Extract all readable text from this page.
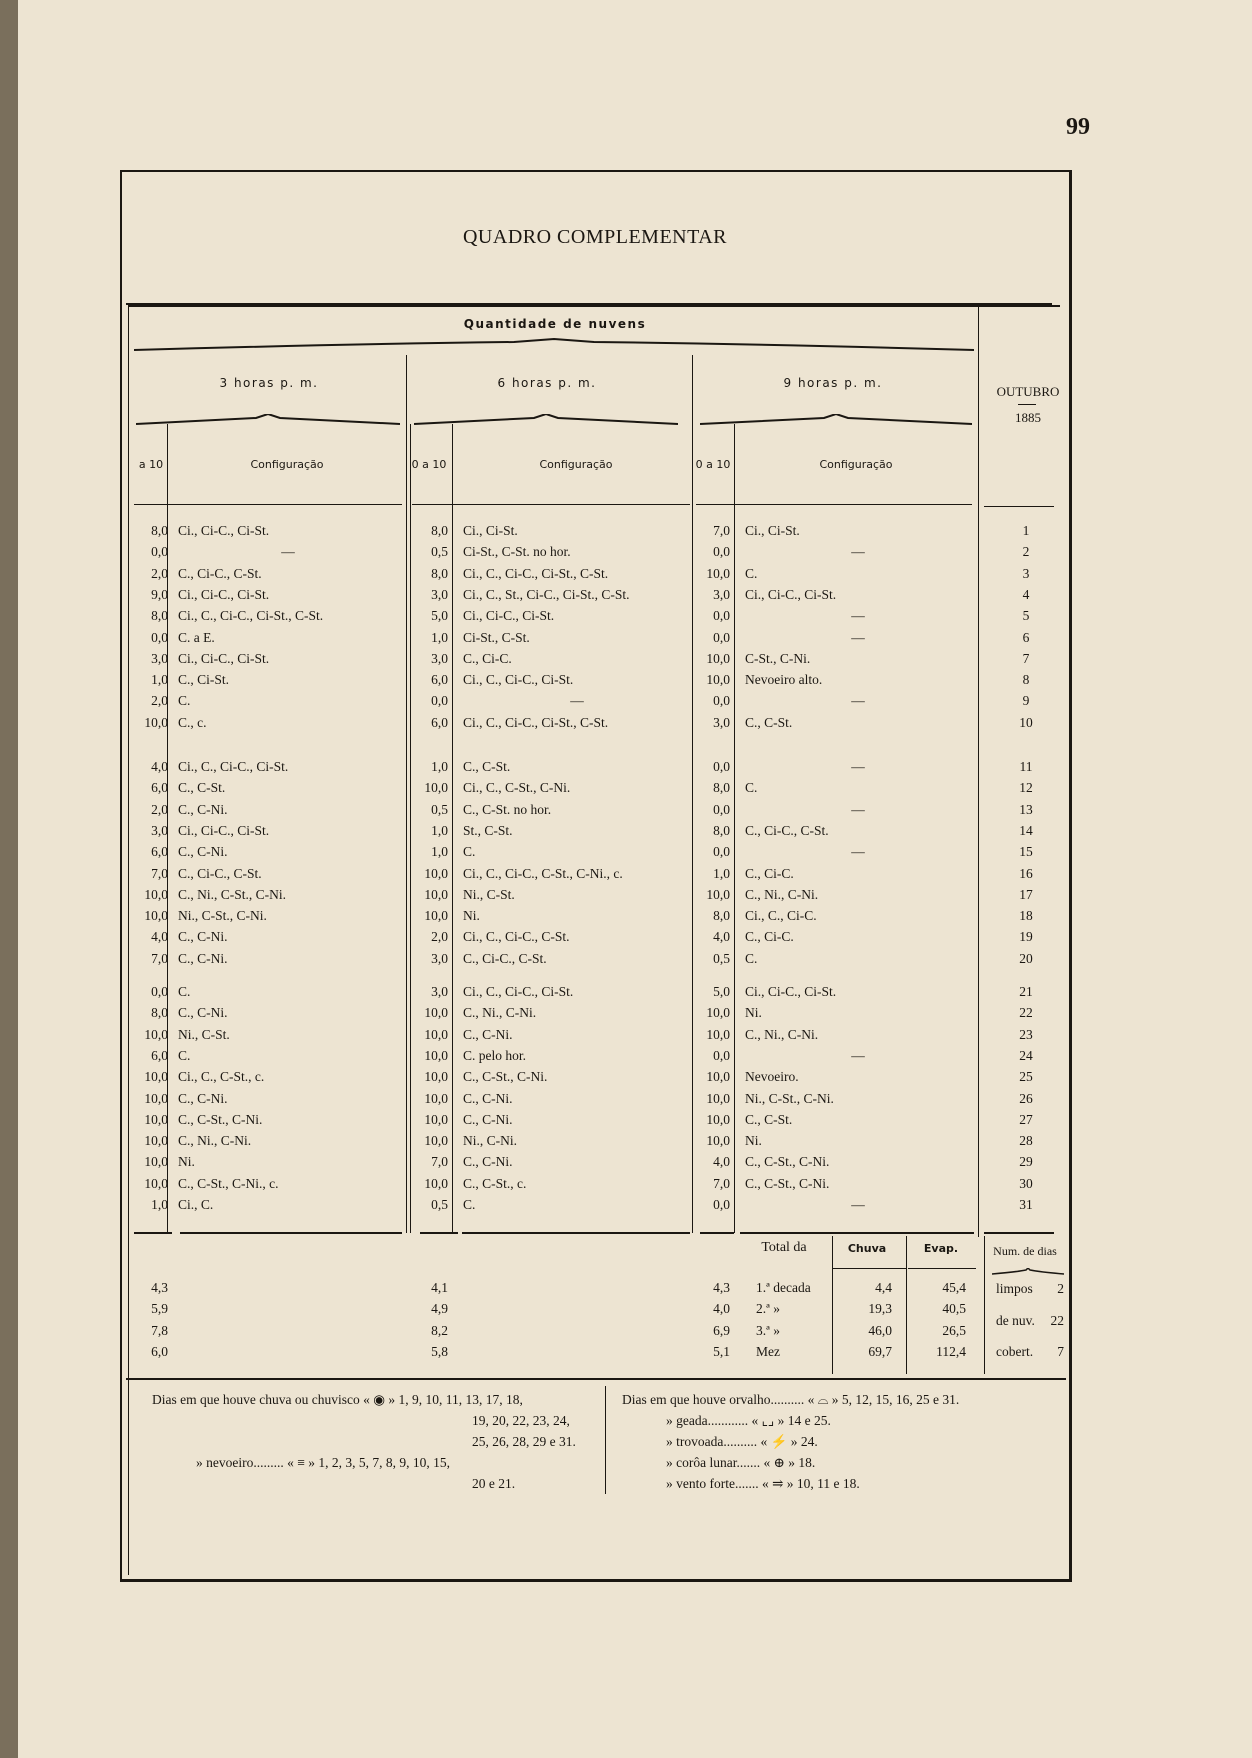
99
QUADRO COMPLEMENTAR
Quantidade de nuvens
3 horas p. m.	6 horas p. m.	9 horas p. m.
OUTUBRO
1885
a 10	Configuração	0 a 10	Configuração	0 a 10	Configuração
8,0 Ci., Ci-C., Ci-St.	8,0 Ci., Ci-St.	7,0 Ci., Ci-St.	1
0,0	—	0,5 Ci-St., C-St. no hor.	0,0	—	2
2,0 C., Ci-C., C-St.	8,0 Ci., C., Ci-C., Ci-St., C-St.	10,0 C.	3
9,0 Ci., Ci-C., Ci-St.	3,0 Ci., C., St., Ci-C., Ci-St., C-St.	3,0 Ci., Ci-C., Ci-St.	4
8,0 Ci., C., Ci-C., Ci-St., C-St.	5,0 Ci., Ci-C., Ci-St.	0,0	—	5
0,0 C. a E.	1,0 Ci-St., C-St.	0,0	—	6
3,0 Ci., Ci-C., Ci-St.	3,0 C., Ci-C.	10,0 C-St., C-Ni.	7
1,0 C., Ci-St.	6,0 Ci., C., Ci-C., Ci-St.	10,0 Nevoeiro alto.	8
2,0 C.	0,0	—	0,0	—	9
10,0 C., c.	6,0 Ci., C., Ci-C., Ci-St., C-St.	3,0 C., C-St.	10
4,0 Ci., C., Ci-C., Ci-St.	1,0 C., C-St.	0,0	—	11
6,0 C., C-St.	10,0 Ci., C., C-St., C-Ni.	8,0 C.	12
2,0 C., C-Ni.	0,5 C., C-St. no hor.	0,0	—	13
3,0 Ci., Ci-C., Ci-St.	1,0 St., C-St.	8,0 C., Ci-C., C-St.	14
6,0 C., C-Ni.	1,0 C.	0,0	—	15
7,0 C., Ci-C., C-St.	10,0 Ci., C., Ci-C., C-St., C-Ni., c.	1,0 C., Ci-C.	16
10,0 C., Ni., C-St., C-Ni.	10,0 Ni., C-St.	10,0 C., Ni., C-Ni.	17
10,0 Ni., C-St., C-Ni.	10,0 Ni.	8,0 Ci., C., Ci-C.	18
4,0 C., C-Ni.	2,0 Ci., C., Ci-C., C-St.	4,0 C., Ci-C.	19
7,0 C., C-Ni.	3,0 C., Ci-C., C-St.	0,5 C.	20
0,0 C.	3,0 Ci., C., Ci-C., Ci-St.	5,0 Ci., Ci-C., Ci-St.	21
8,0 C., C-Ni.	10,0 C., Ni., C-Ni.	10,0 Ni.	22
10,0 Ni., C-St.	10,0 C., C-Ni.	10,0 C., Ni., C-Ni.	23
6,0 C.	10,0 C. pelo hor.	0,0	—	24
10,0 Ci., C., C-St., c.	10,0 C., C-St., C-Ni.	10,0 Nevoeiro.	25
10,0 C., C-Ni.	10,0 C., C-Ni.	10,0 Ni., C-St., C-Ni.	26
10,0 C., C-St., C-Ni.	10,0 C., C-Ni.	10,0 C., C-St.	27
10,0 C., Ni., C-Ni.	10,0 Ni., C-Ni.	10,0 Ni.	28
10,0 Ni.	7,0 C., C-Ni.	4,0 C., C-St., C-Ni.	29
10,0 C., C-St., C-Ni., c.	10,0 C., C-St., c.	7,0 C., C-St., C-Ni.	30
1,0 Ci., C.	0,5 C.	0,0	—	31
4,3	4,1	4,3 1.ª decada	4,4	45,4
5,9	4,9	4,0 2.ª »	19,3	40,5
7,8	8,2	6,9 3.ª »	46,0	26,5
6,0	5,8	5,1 Mez	69,7	112,4
limpos	2
de nuv.	22
cobert.	7
Total da	Chuva	Evap.	Num. de dias
Dias em que houve chuva ou chuvisco « ◉ » 1, 9, 10, 11, 13, 17, 18,
19, 20, 22, 23, 24,
25, 26, 28, 29 e 31.
» nevoeiro......... « ≡ » 1, 2, 3, 5, 7, 8, 9, 10, 15,
20 e 21.
Dias em que houve orvalho.......... « ⌓ » 5, 12, 15, 16, 25 e 31.
» geada............ « ⌞⌟ » 14 e 25.
» trovoada.......... « ⚡ » 24.
» corôa lunar....... « ⊕ » 18.
» vento forte....... « ⥤ » 10, 11 e 18.
